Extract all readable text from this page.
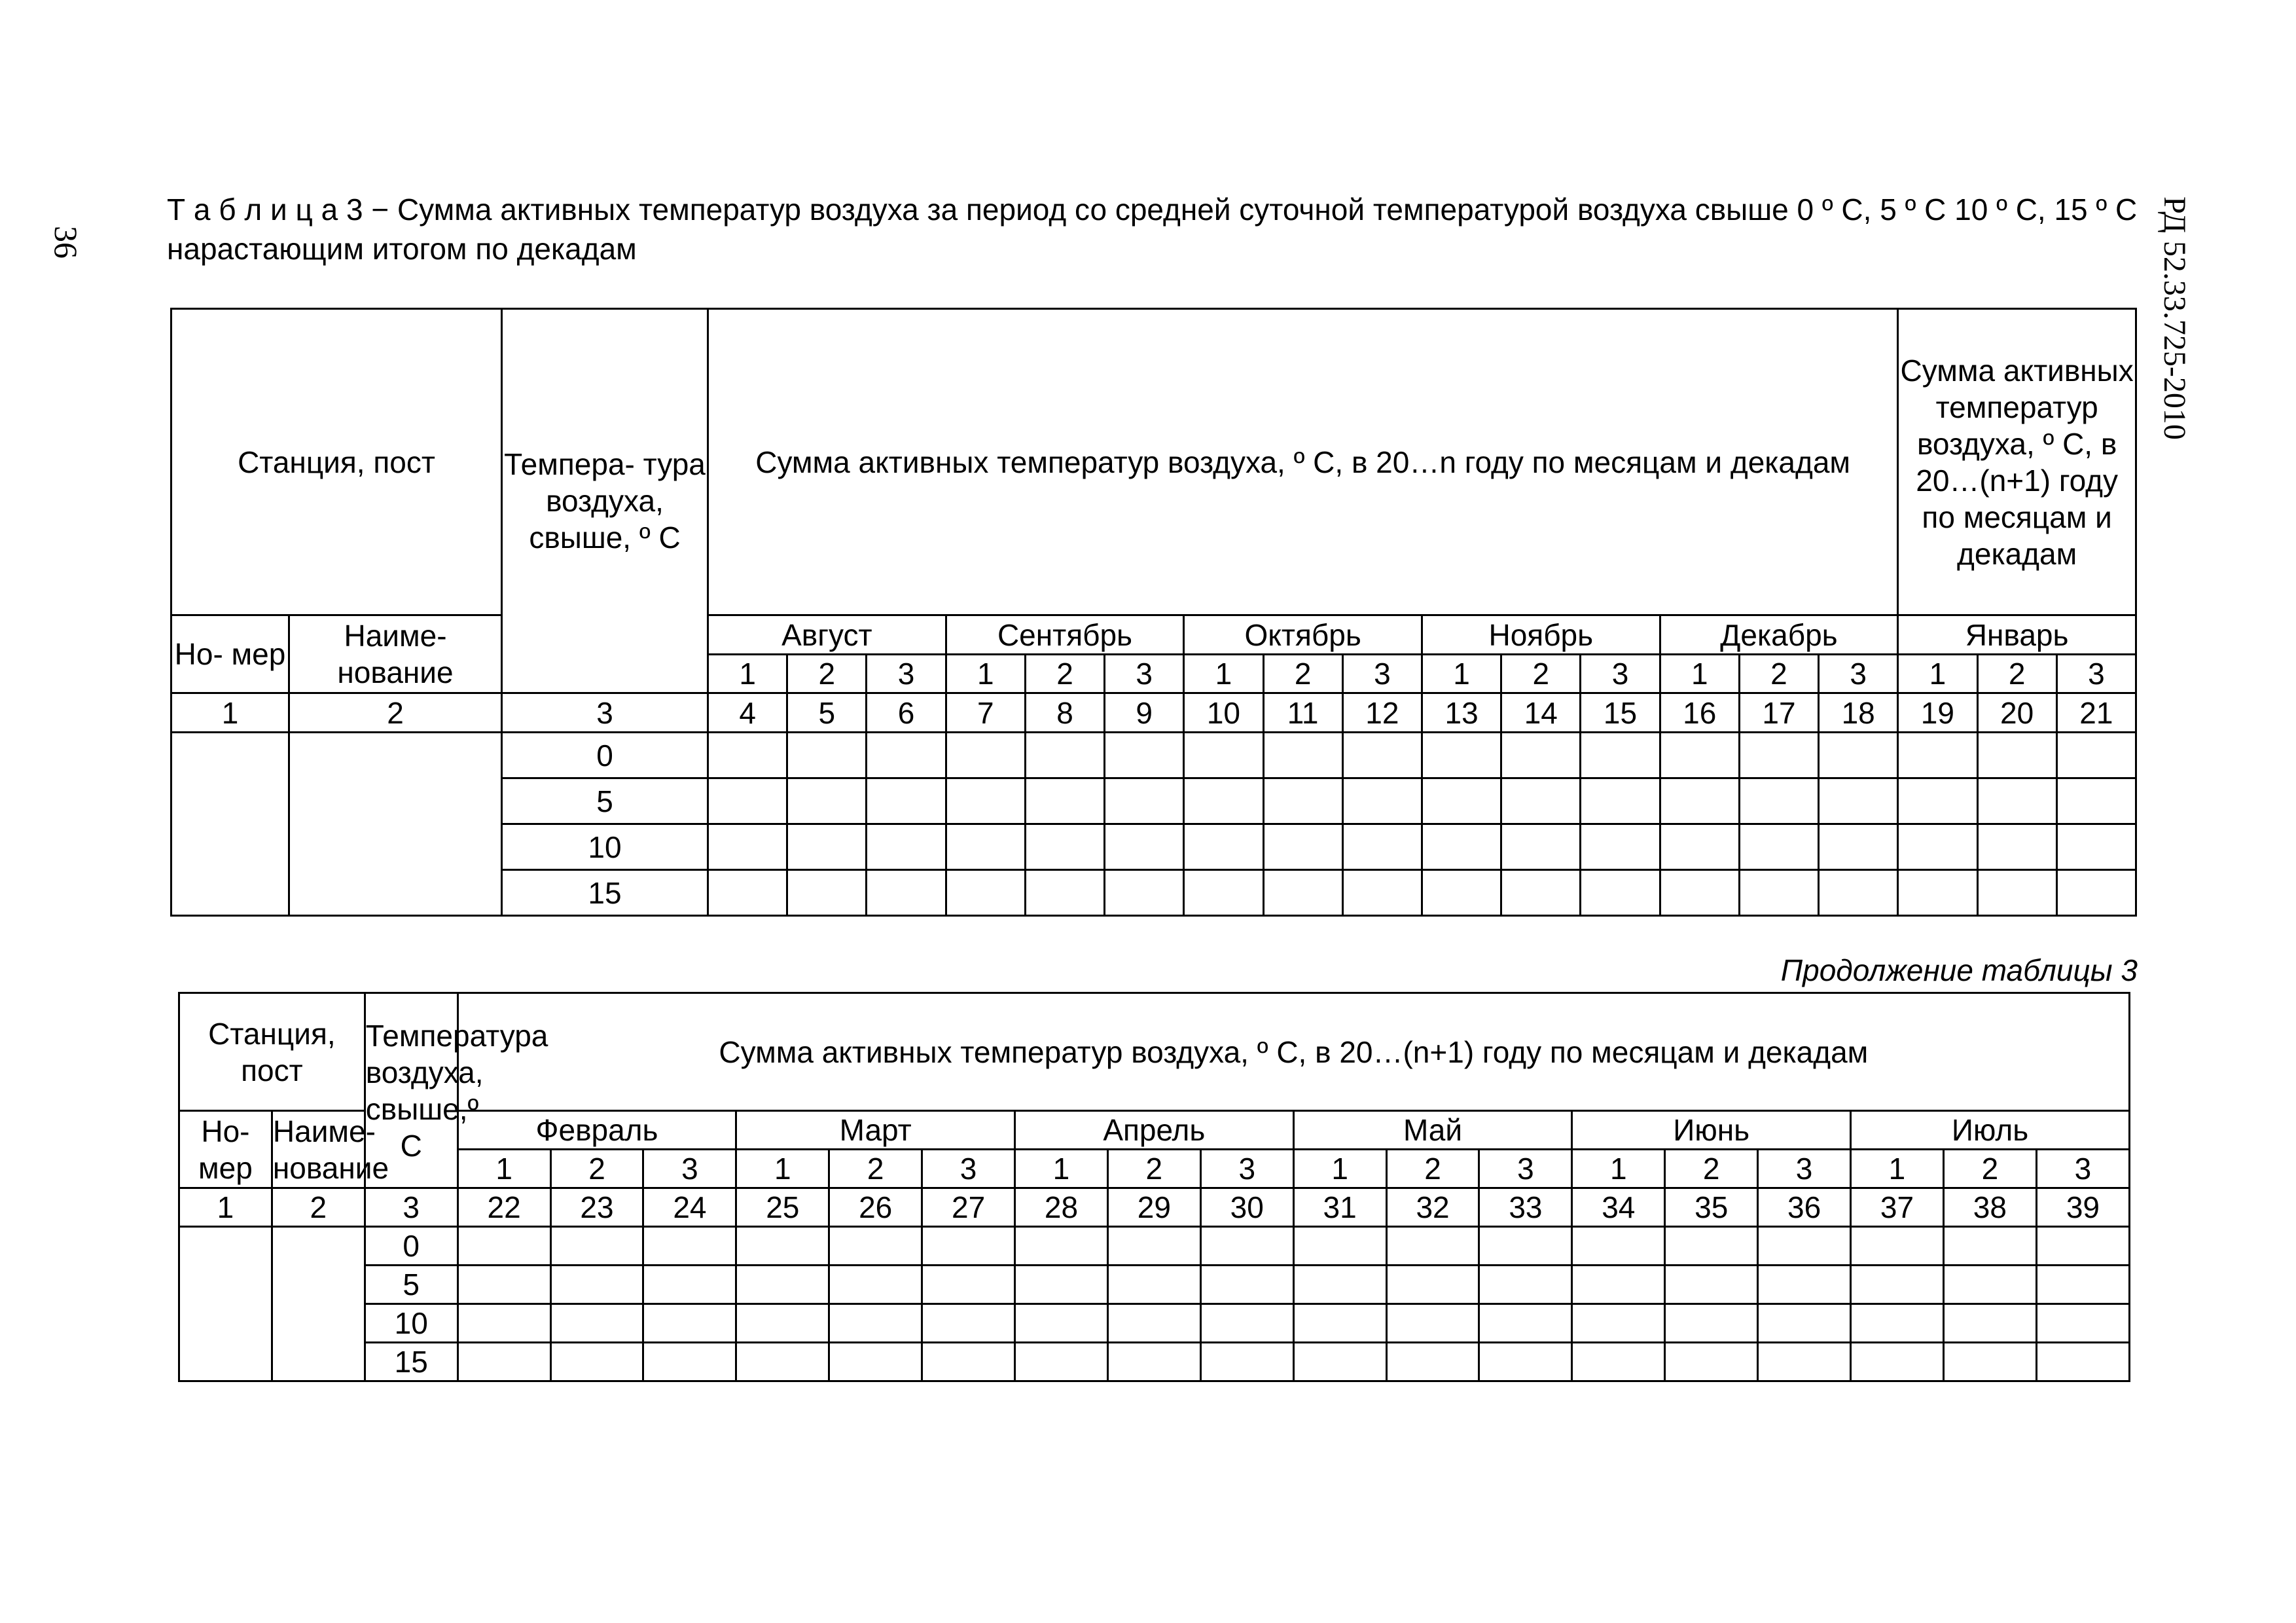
36	РД 52.33.725-2010
Т а б л и ц а 3 − Сумма активных температур воздуха за период со средней суточной температурой воздуха свыше 0 º С, 5 º С 10 º С, 15 º С нарастающим итогом по декадам
Станция, пост		Темпера- тура воздуха, свыше, º С	Сумма активных температур воздуха, º С, в 20…n году по месяцам и декадам															Сумма активных температур воздуха, º С, в 20…(n+1) году по месяцам и декадам		
Но- мер	Наиме- нование		Август			Сентябрь			Октябрь			Ноябрь			Декабрь			Январь		
			1	2	3	1	2	3	1	2	3	1	2	3	1	2	3	1	2	3
1	2	3	4	5	6	7	8	9	10	11	12	13	14	15	16	17	18	19	20	21
		0																		
		5																		
		10																		
		15																		
Продолжение таблицы 3
Станция, пост		Температура воздуха, свыше,º С	Сумма активных температур воздуха, º С, в 20…(n+1) году по месяцам и декадам																	
Но- мер	Наиме- нование		Февраль			Март			Апрель			Май			Июнь			Июль		
			1	2	3	1	2	3	1	2	3	1	2	3	1	2	3	1	2	3
1	2	3	22	23	24	25	26	27	28	29	30	31	32	33	34	35	36	37	38	39
		0																		
		5																		
		10																		
		15																		
